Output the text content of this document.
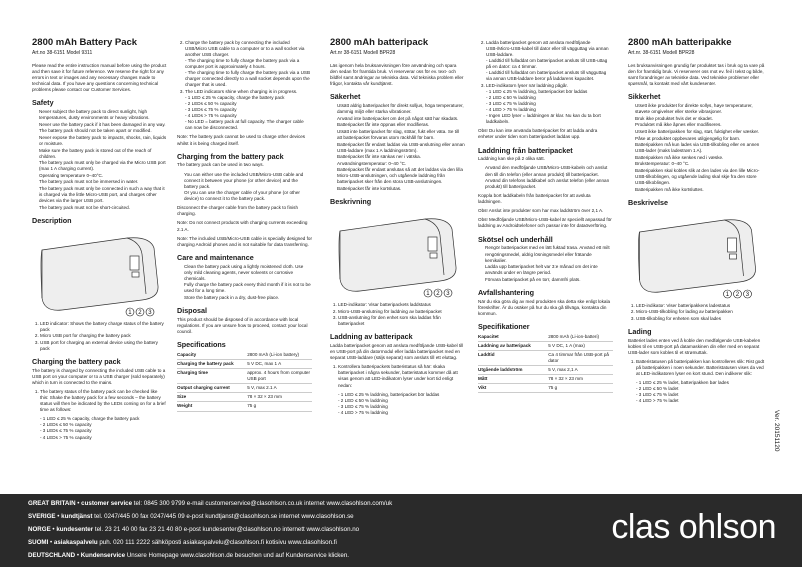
2800 mAh Battery Pack
Art.no 38-6151 Model 9311

Please read the entire instruction manual before using the product and then save it for future reference. We reserve the right for any errors in text or images and any necessary changes made to technical data. If you have any questions concerning technical problems please contact our Customer Services.

Safety
• Never subject the battery pack to direct sunlight, high temperatures, dusty environments or heavy vibrations.
• Never use the battery pack if it has been damaged in any way.
• The battery pack should not be taken apart or modified.
• Never expose the battery pack to impacts, shocks, rain, liquids or moisture.
• Make sure the battery pack is stored out of the reach of children.
• The battery pack must only be charged via the Micro USB port (max 1 A charging current).
• Operating temperature 0–40°C.
• The battery pack must not be immersed in water.
• The battery pack must only be connected in such a way that it is charged via the little Micro-USB port, and charges other devices via the larger USB port.
• The battery pack must not be short-circuited.
Description
1 2 3
1. LED indicator: Shows the battery charge status of the battery pack
2. Micro USB port for charging the battery pack
3. USB port for charging an external device using the battery pack
Charging the battery pack

The battery is charged by connecting the included USB cable to a USB port on your computer or to a USB charger (sold separately) which in turn is connected to the mains.

1. The battery status of the battery pack can be checked like this: Shake the battery pack for a few seconds – the battery status will then be indicated by the LEDs coming on for a brief time as follows:
- 1 LED ≤ 25 % capacity, charge the battery pack
- 2 LEDs ≤ 50 % capacity
- 3 LEDs ≤ 75 % capacity
- 4 LEDs > 75 % capacity
2. Charge the battery pack by connecting the included USB/Micro USB cable to a computer or to a wall socket via another USB charger.
- The charging time to fully charge the battery pack via a computer port is approximately 4 hours.
- The charging time to fully charge the battery pack via a USB charger connected directly to a wall socket depends upon the charger that is used.
3. The LED indicators shine when charging is in progress.
- 1 LED ≤ 25 % capacity, charge the battery pack
- 2 LEDs ≤ 50 % capacity
- 3 LEDs ≤ 75 % capacity
- 4 LEDs > 75 % capacity
- No LED = battery pack at full capacity. The charger cable can now be disconnected.

Note: The battery pack cannot be used to charge other devices whilst it is being charged itself.

Charging from the battery pack

The battery pack can be used in two ways.

• You can either use the included USB/Micro-USB cable and connect it between your phone (or other device) and the battery pack.
• Or you can use the charger cable of your phone (or other device) to connect it to the battery pack.

Disconnect the charger cable from the battery pack to finish charging.

Note: Do not connect products with charging currents exceeding 2.1 A.

Note: The included USB/Micro-USB cable is specially designed for charging Android phones and is not suitable for data transferring.

Care and maintenance
• Clean the battery pack using a lightly moistened cloth. Use only mild cleaning agents, never solvents or corrosive chemicals.
• Fully charge the battery pack every third month if it is not to be used for a long time.
• Store the battery pack in a dry, dust-free place.
Disposal

This product should be disposed of in accordance with local regulations. If you are unsure how to proceed, contact your local council.

Specifications
Capacity	2800 mAh (Li-ion battery)
Charging the battery pack	5 V DC, max 1 A
Charging time	approx. 4 hours from computer USB port
Output charging current	5 V, max 2.1 A
Size	78 × 32 × 23 mm
Weight	75 g
2800 mAh batteripack
Art.nr 38-6151 Modell BPR28

Läs igenom hela bruksanvisningen före användning och spara den sedan för framtida bruk. Vi reserverar oss för ev. text- och bildfel samt ändringar av tekniska data. Vid tekniska problem eller frågor, kontakta vår kundtjänst.

Säkerhet
• Utsätt aldrig batteripacket för direkt solljus, höga temperaturer, dammig miljö eller starka vibrationer.
• Använd inte batteripacket om det på något sätt har skadats.
• Batteripacket får inte öppnas eller modifieras.
• Utsätt inte batteripacket för slag, stötar, fukt eller väta. Se till att batteripacket förvaras utom räckhåll för barn.
• Batteripacket får endast laddas via USB-anslutning eller annan USB-laddare (max 1 A laddningsström).
• Batteripacket får inte sänkas ner i vätska.
• Användningstemperatur: 0–40 °C.
• Batteripacket får endast anslutas så att det laddas via den lilla Micro-USB-anslutningen, och utgående laddning från batteripacket sker från den stora USB-anslutningen.
• Batteripacket får inte kortslutas.
Beskrivning
1 2 3
1. LED-indikator: Visar batteripackets laddstatus
2. Micro-USB-anslutning för laddning av batteripacket
3. USB-anslutning för den enhet som ska laddas från batteripacket
Laddning av batteripack

Ladda batteripacket genom att ansluta medföljande USB-kabel till en USB-port på din datormodul eller ladda batteripacket med en separat USB-laddare (säljs separat) som ansluts till ett eluttag.

1. Kontrollera batteripackets batteristatus så här: skaka batteripacket i några sekunder, batteristatus kommer då att visas genom att LED-indikatorn lyser under kort tid enligt nedan:
- 1 LED ≤ 25 % laddning, batteripacket bör laddas
- 2 LED ≤ 50 % laddning
- 3 LED ≤ 75 % laddning
- 4 LED > 75 % laddning
2. Ladda batteripacket genom att ansluta medföljande USB-/Micro-USB-kabel till dator eller till vägguttag via annan USB-laddare.
- Laddtid till fulladdat om batteripacket ansluts till USB-uttag på en dator: ca 4 timmar.
- Laddtid till fulladdat om batteripacket ansluts till vägguttag via annan USB-laddare beror på laddarens kapacitet.
3. LED-indikatorn lyser när laddning pågår.
- 1 LED ≤ 25 % laddning, batteripacket bör laddas
- 2 LED ≤ 50 % laddning
- 3 LED ≤ 75 % laddning
- 4 LED > 75 % laddning
- Ingen LED lyser = laddningen är klar. Nu kan du ta bort laddkabeln.

Obs! Du kan inte använda batteripacket för att ladda andra enheter under tiden som batteripacket laddas upp.

Laddning från batteripacket

Laddning kan ske på 2 olika sätt.

• Använd den medföljande USB/Micro-USB-kabeln och anslut den till din telefon (eller annan produkt) till batteripacket.
• Använd din telefons laddkabel och anslut telefon (eller annan produkt) till batteripacket.

Koppla bort laddkabeln från batteripacket för att avsluta laddningen.

Obs! Anslut inte produkter som har max laddström över 2,1 A.

Obs! Medföljande USB/Micro-USB-kabel är speciellt anpassad för laddning av Androidtelefoner och passar inte för dataöverföring.

Skötsel och underhåll
• Rengör batteripacket med en lätt fuktad trasa. Använd ett milt rengöringsmedel, aldrig lösningsmedel eller frätande kemikalier.
• Ladda upp batteripacket helt var 3:e månad om det inte används under en längre period.
• Förvara batteripacket på en torr, dammfri plats.
Avfallshantering

När du ska göra dig av med produkten ska detta ske enligt lokala föreskrifter. Är du osäker på hur du ska gå tillväga, kontakta din kommun.

Specifikationer
Kapacitet	2800 mAh (Li-ion-batteri)
Laddning av batteripack	5 V DC, 1 A (max)
Laddtid	Ca 4 timmar från USB-port på dator
Utgående laddström	5 V, max 2,1 A
Mått	78 × 32 × 23 mm
Vikt	75 g
2800 mAh batteripakke
Art.nr. 38-6151 Modell BPR28

Les bruksanvisningen grundig før produktet tas i bruk og ta vare på den for framtidig bruk. Vi reserverer oss mot ev. feil i tekst og bilde, samt forandringer av tekniske data. Ved tekniske problemer eller spørsmål, ta kontakt med vårt kundesenter.

Sikkerhet
• Utsett ikke produktet for direkte sollys, høye temperaturer, støvete omgivelser eller sterke vibrasjoner.
• Bruk ikke produktet hvis det er skadet.
• Produktet må ikke åpnes eller modifiseres.
• Utsett ikke batteripakken for slag, støt, fuktighet eller væsker.
• Påse at produktet oppbevares utilgjengelig for barn.
• Batteripakken må kun lades via USB-tilkobling eller en annen USB-lader (maks ladestrøm 1 A).
• Batteripakken må ikke senkes ned i væske.
• Brukstemperatur: 0–40 °C.
• Batteripakken skal kobles slik at den lades via den lille Micro-USB-tilkoblingen, og utgående lading skal skje fra den store USB-tilkoblingen.
• Batteripakken må ikke kortsluttes.
Beskrivelse
1 2 3
1. LED-indikator: Viser batteripakkens ladestatus
2. Micro-USB-tilkobling for lading av batteripakken
3. USB-tilkobling for enheten som skal lades
Lading

Batteriet lades enten ved å koble den medfølgende USB-kabelen kobles til en USB-port på datamaskinen din eller med en separat USB-lader som kobles til et strømuttak.

1. Batteristatusen på batteripakken kan kontrolleres slik: Rist godt på batteripakken i noen sekunder. Batteristatusen vises da ved at LED-indikatoren lyser en kort stund. Den indikerer slik:
- 1 LED ≤ 25 % ladet, batteripakken bør lades
- 2 LED ≤ 50 % ladet
- 3 LED ≤ 75 % ladet
- 4 LED > 75 % ladet
Ver. 20151120
GREAT BRITAIN • customer service tel: 0845 300 9799 e-mail customerservice@clasohlson.co.uk internet www.clasohlson.com/uk
SVERIGE • kundtjänst tel. 0247/445 00 fax 0247/445 09 e-post kundtjanst@clasohlson.se internet www.clasohlson.se
NORGE • kundesenter tel. 23 21 40 00 fax 23 21 40 80 e-post kundesenter@clasohlson.no internett www.clasohlson.no
SUOMI • asiakaspalvelu puh. 020 111 2222 sähköposti asiakaspalvelu@clasohlson.fi kotisivu www.clasohlson.fi
DEUTSCHLAND • Kundenservice Unsere Homepage www.clasohlson.de besuchen und auf Kundenservice klicken.
clas ohlson
